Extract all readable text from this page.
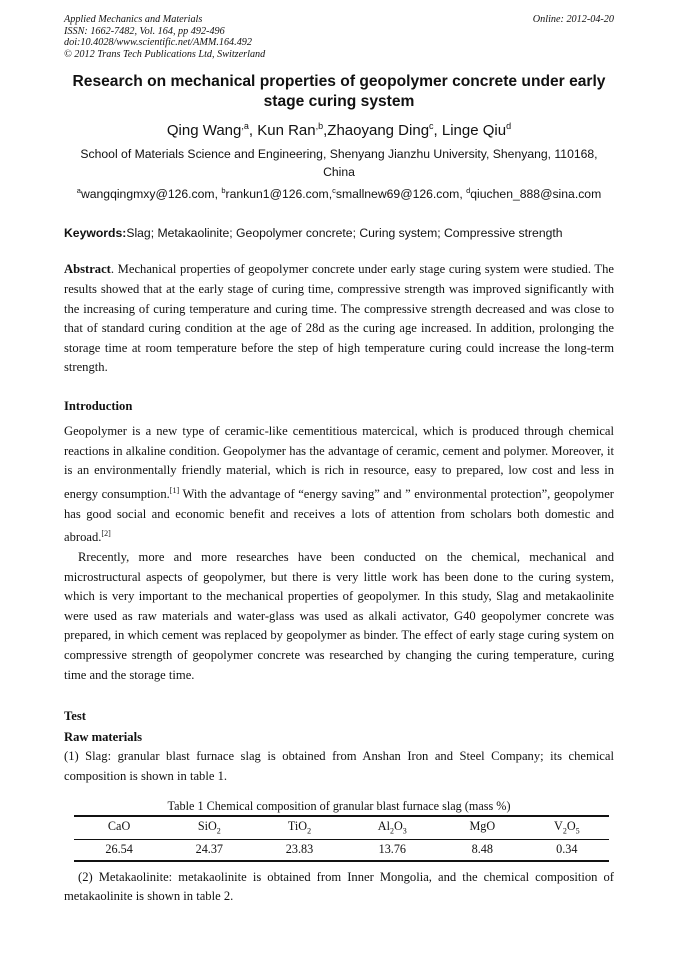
Applied Mechanics and Materials
ISSN: 1662-7482, Vol. 164, pp 492-496
doi:10.4028/www.scientific.net/AMM.164.492
© 2012 Trans Tech Publications Ltd, Switzerland
Online: 2012-04-20
Research on mechanical properties of geopolymer concrete under early stage curing system
Qing Wang$^{,a}$, Kun Ran$^{,b}$,Zhaoyang Ding$^c$, Linge Qiu$^d$
School of Materials Science and Engineering, Shenyang Jianzhu University, Shenyang, 110168, China
$^a$wangqingmxy@126.com, $^b$rankun1@126.com,$^c$smallnew69@126.com, $^d$qiuchen_888@sina.com
Keywords:Slag; Metakaolinite; Geopolymer concrete; Curing system; Compressive strength
Abstract. Mechanical properties of geopolymer concrete under early stage curing system were studied. The results showed that at the early stage of curing time, compressive strength was improved significantly with the increasing of curing temperature and curing time. The compressive strength decreased and was close to that of standard curing condition at the age of 28d as the curing age increased. In addition, prolonging the storage time at room temperature before the step of high temperature curing could increase the long-term strength.
Introduction
Geopolymer is a new type of ceramic-like cementitious matercical, which is produced through chemical reactions in alkaline condition. Geopolymer has the advantage of ceramic, cement and polymer. Moreover, it is an environmentally friendly material, which is rich in resource, easy to prepared, low cost and less in energy consumption.[1] With the advantage of “energy saving” and ” environmental protection”, geopolymer has good social and economic benefit and receives a lots of attention from scholars both domestic and abroad.[2]
Rrecently, more and more researches have been conducted on the chemical, mechanical and microstructural aspects of geopolymer, but there is very little work has been done to the curing system, which is very important to the mechanical properties of geopolymer. In this study, Slag and metakaolinite were used as raw materials and water-glass was used as alkali activator, G40 geopolymer concrete was prepared, in which cement was replaced by geopolymer as binder. The effect of early stage curing system on compressive strength of geopolymer concrete was researched by changing the curing temperature, curing time and the storage time.
Test
Raw materials
(1) Slag: granular blast furnace slag is obtained from Anshan Iron and Steel Company; its chemical composition is shown in table 1.
Table 1 Chemical composition of granular blast furnace slag (mass %)
CaO	SiO$_2$	TiO$_2$	$Al_2O_3$	MgO	$V_2O_5$
26.54	24.37	23.83	13.76	8.48	0.34
(2) Metakaolinite: metakaolinite is obtained from Inner Mongolia, and the chemical composition of metakaolinite is shown in table 2.
